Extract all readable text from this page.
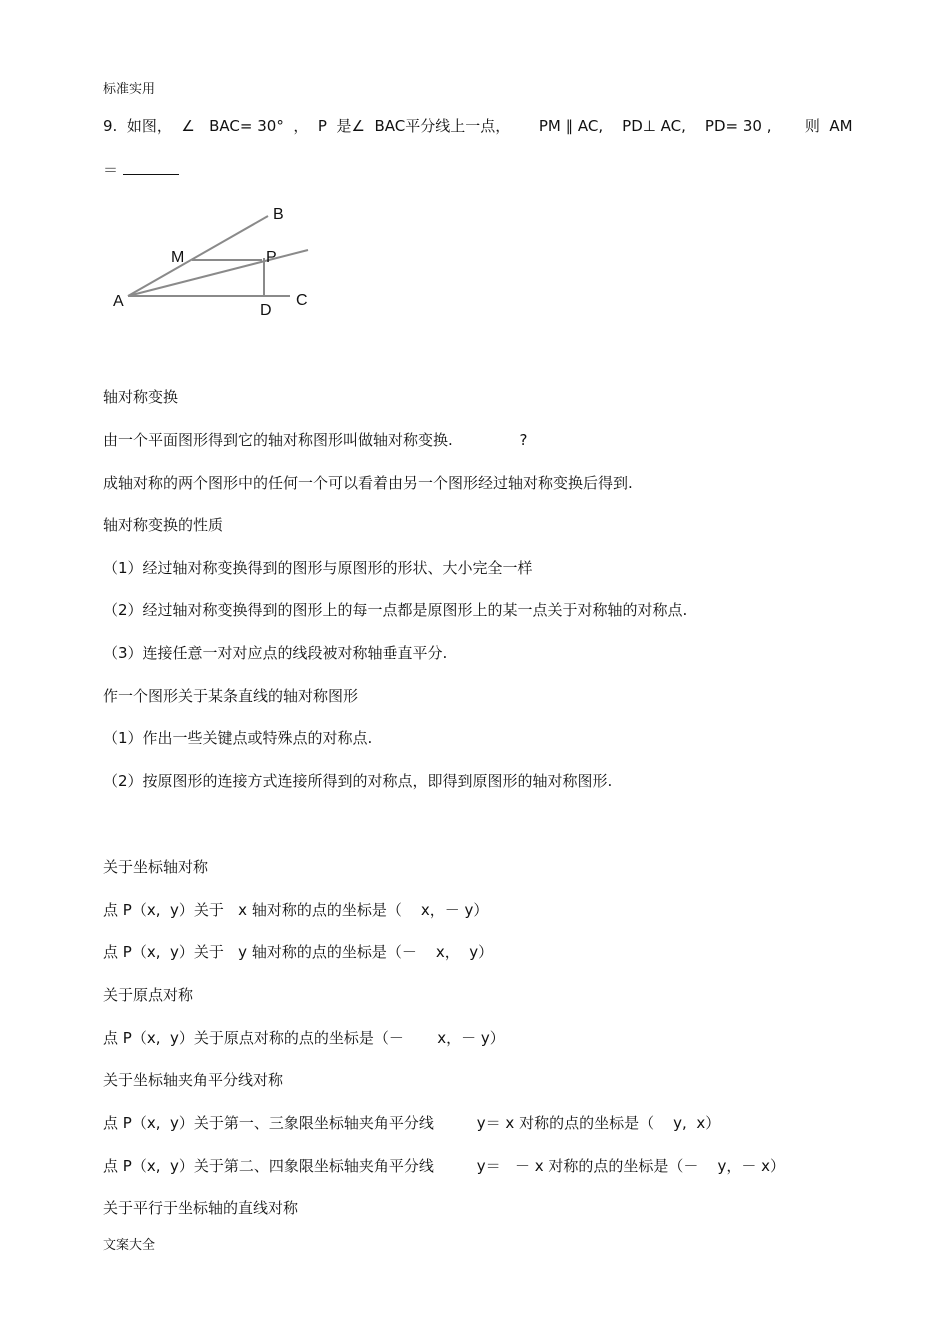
标准实用
9.  如图，  ∠   BAC= 30°  ，  P  是∠  BAC平分线上一点，      PM ∥ AC,    PD⊥ AC,    PD= 30 ,       则  AM
＝
B
M	P
A	C
D
轴对称变换
由一个平面图形得到它的轴对称图形叫做轴对称变换.              ?
成轴对称的两个图形中的任何一个可以看着由另一个图形经过轴对称变换后得到.
轴对称变换的性质
（1）经过轴对称变换得到的图形与原图形的形状、大小完全一样
（2）经过轴对称变换得到的图形上的每一点都是原图形上的某一点关于对称轴的对称点.
（3）连接任意一对对应点的线段被对称轴垂直平分.
作一个图形关于某条直线的轴对称图形
（1）作出一些关键点或特殊点的对称点.
（2）按原图形的连接方式连接所得到的对称点，即得到原图形的轴对称图形.
关于坐标轴对称
点 P（x,  y）关于   x 轴对称的点的坐标是（    x，－ y）
点 P（x,  y）关于   y 轴对称的点的坐标是（－    x，  y）
关于原点对称
点 P（x,  y）关于原点对称的点的坐标是（－       x，－ y）
关于坐标轴夹角平分线对称
点 P（x,  y）关于第一、三象限坐标轴夹角平分线         y＝ x 对称的点的坐标是（    y,  x）
点 P（x,  y）关于第二、四象限坐标轴夹角平分线         y＝   － x 对称的点的坐标是（－    y，－ x）
关于平行于坐标轴的直线对称
文案大全
